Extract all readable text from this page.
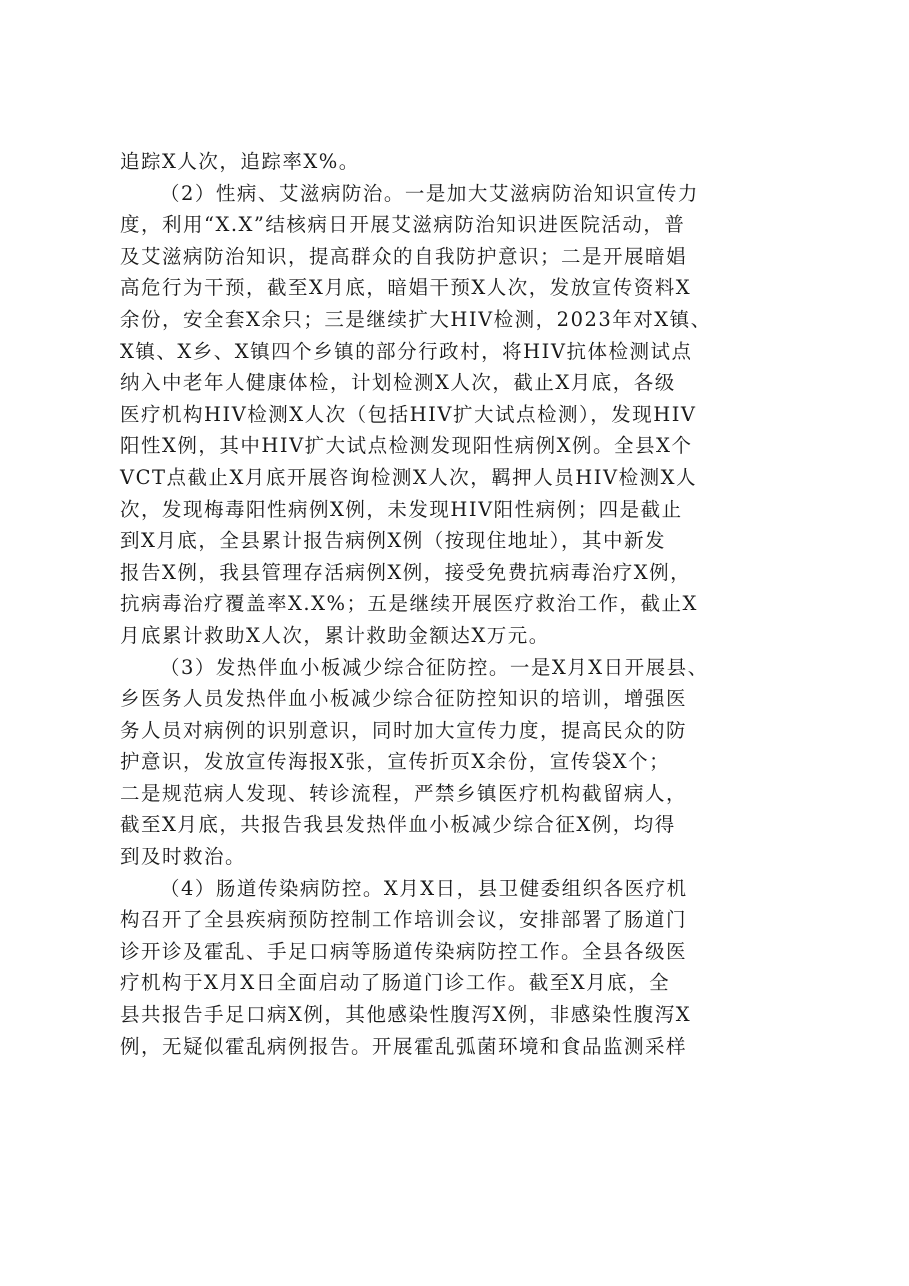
追踪X人次，追踪率X%。
（2）性病、艾滋病防治。一是加大艾滋病防治知识宣传力
度，利用“X.X”结核病日开展艾滋病防治知识进医院活动，普
及艾滋病防治知识，提高群众的自我防护意识；二是开展暗娼
高危行为干预，截至X月底，暗娼干预X人次，发放宣传资料X
余份，安全套X余只；三是继续扩大HIV检测，2023年对X镇、
X镇、X乡、X镇四个乡镇的部分行政村，将HIV抗体检测试点
纳入中老年人健康体检，计划检测X人次，截止X月底，各级
医疗机构HIV检测X人次（包括HIV扩大试点检测），发现HIV
阳性X例，其中HIV扩大试点检测发现阳性病例X例。全县X个
VCT点截止X月底开展咨询检测X人次，羁押人员HIV检测X人
次，发现梅毒阳性病例X例，未发现HIV阳性病例；四是截止
到X月底，全县累计报告病例X例（按现住地址），其中新发
报告X例，我县管理存活病例X例，接受免费抗病毒治疗X例，
抗病毒治疗覆盖率X.X%；五是继续开展医疗救治工作，截止X
月底累计救助X人次，累计救助金额达X万元。
（3）发热伴血小板减少综合征防控。一是X月X日开展县、
乡医务人员发热伴血小板减少综合征防控知识的培训，增强医
务人员对病例的识别意识，同时加大宣传力度，提高民众的防
护意识，发放宣传海报X张，宣传折页X余份，宣传袋X个；
二是规范病人发现、转诊流程，严禁乡镇医疗机构截留病人，
截至X月底，共报告我县发热伴血小板减少综合征X例，均得
到及时救治。
（4）肠道传染病防控。X月X日，县卫健委组织各医疗机
构召开了全县疾病预防控制工作培训会议，安排部署了肠道门
诊开诊及霍乱、手足口病等肠道传染病防控工作。全县各级医
疗机构于X月X日全面启动了肠道门诊工作。截至X月底，全
县共报告手足口病X例，其他感染性腹泻X例，非感染性腹泻X
例，无疑似霍乱病例报告。开展霍乱弧菌环境和食品监测采样
